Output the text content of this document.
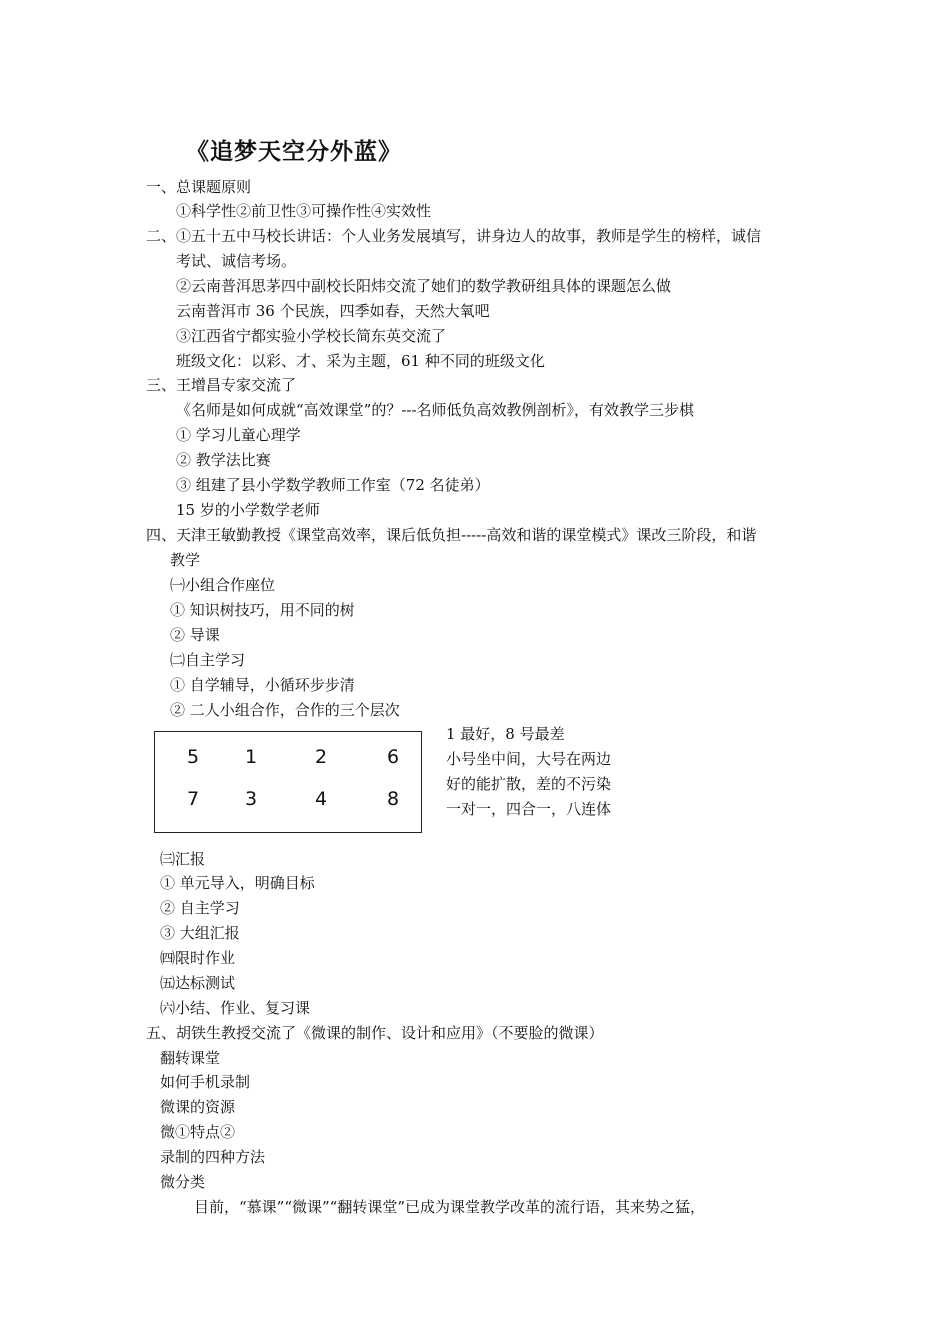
《追梦天空分外蓝》
一、总课题原则
①科学性②前卫性③可操作性④实效性
二、①五十五中马校长讲话：个人业务发展填写，讲身边人的故事，教师是学生的榜样，诚信
考试、诚信考场。
②云南普洱思茅四中副校长阳炜交流了她们的数学教研组具体的课题怎么做
云南普洱市 36 个民族，四季如春，天然大氧吧
③江西省宁都实验小学校长简东英交流了
班级文化：以彩、才、采为主题，61 种不同的班级文化
三、王增昌专家交流了
《名师是如何成就“高效课堂”的？---名师低负高效教例剖析》，有效教学三步棋
① 学习儿童心理学
② 教学法比赛
③ 组建了县小学数学教师工作室（72 名徒弟）
15 岁的小学数学老师
四、天津王敏勤教授《课堂高效率，课后低负担-----高效和谐的课堂模式》课改三阶段，和谐
教学
㈠小组合作座位
① 知识树技巧，用不同的树
② 导课
㈡自主学习
① 自学辅导，小循环步步清
② 二人小组合作，合作的三个层次
5 1	2	6
7 3	4	8
1 最好，8 号最差
小号坐中间，大号在两边
好的能扩散，差的不污染
一对一，四合一，八连体
㈢汇报
① 单元导入，明确目标
② 自主学习
③ 大组汇报
㈣限时作业
㈤达标测试
㈥小结、作业、复习课
五、胡铁生教授交流了《微课的制作、设计和应用》（不要脸的微课）
翻转课堂
如何手机录制
微课的资源
微①特点②
录制的四种方法
微分类
目前，“慕课”“微课”“翻转课堂”已成为课堂教学改革的流行语，其来势之猛，
